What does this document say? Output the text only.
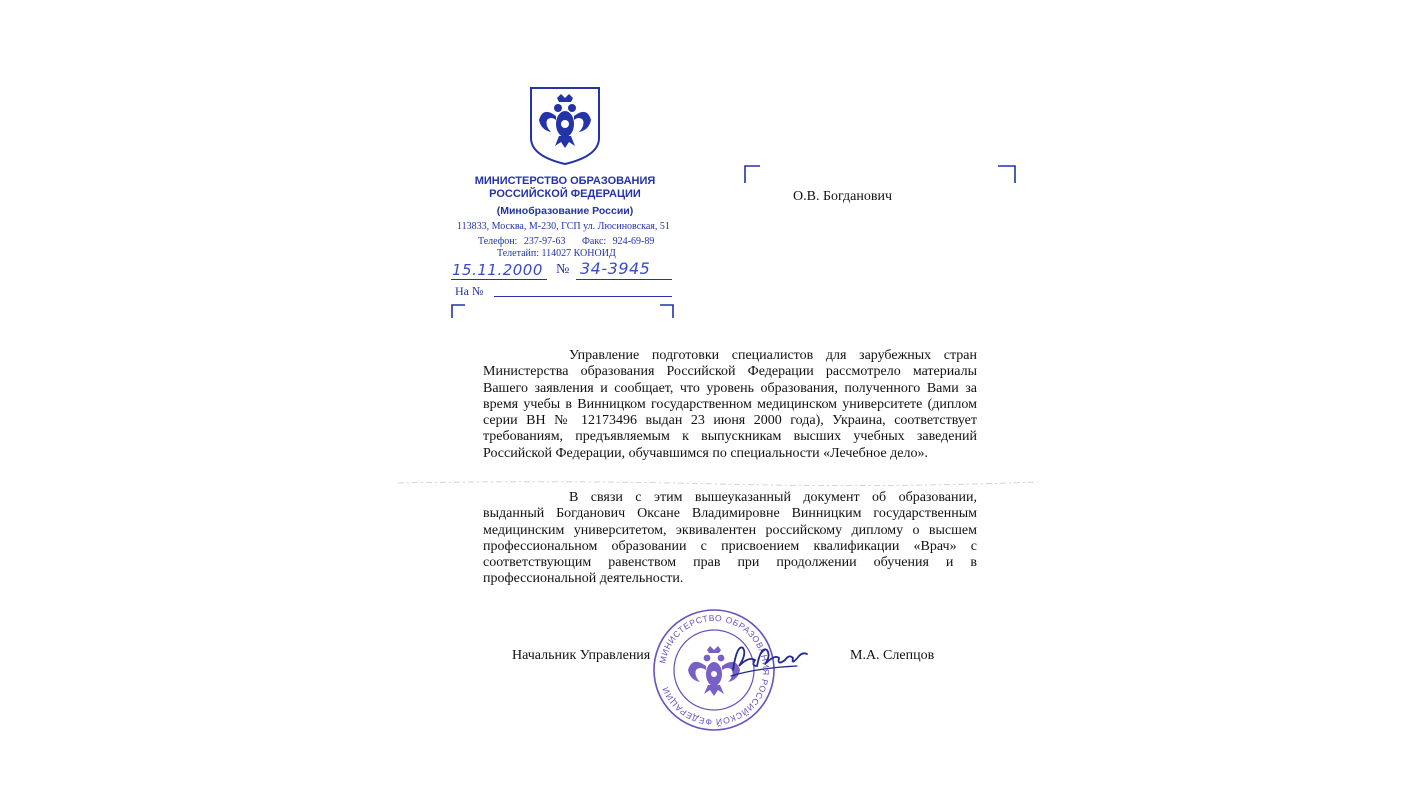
МИНИСТЕРСТВО ОБРАЗОВАНИЯ
РОССИЙСКОЙ ФЕДЕРАЦИИ
(Минобразование России)
113833, Москва, М-230, ГСП ул. Люсиновская, 51
Телефон: 237-97-63 Факс: 924-69-89
Телетайп: 114027 КОНОИД
15.11.2000 № 34-3945
На №
О.В. Богданович
Управление подготовки специалистов для зарубежных стран Министерства образования Российской Федерации рассмотрело материалы Вашего заявления и сообщает, что уровень образования, полученного Вами за время учебы в Винницком государственном медицинском университете (диплом серии ВН № 12173496 выдан 23 июня 2000 года), Украина, соответствует требованиям, предъявляемым к выпускникам высших учебных заведений Российской Федерации, обучавшимся по специальности «Лечебное дело».
В связи с этим вышеуказанный документ об образовании, выданный Богданович Оксане Владимировне Винницким государственным медицинским университетом, эквивалентен российскому диплому о высшем профессиональном образовании с присвоением квалификации «Врач» с соответствующим равенством прав при продолжении обучения и в профессиональной деятельности.
Начальник Управления	М.А. Слепцов
МИНИСТЕРСТВО ОБРАЗОВАНИЯ РОССИЙСКОЙ ФЕДЕРАЦИИ
